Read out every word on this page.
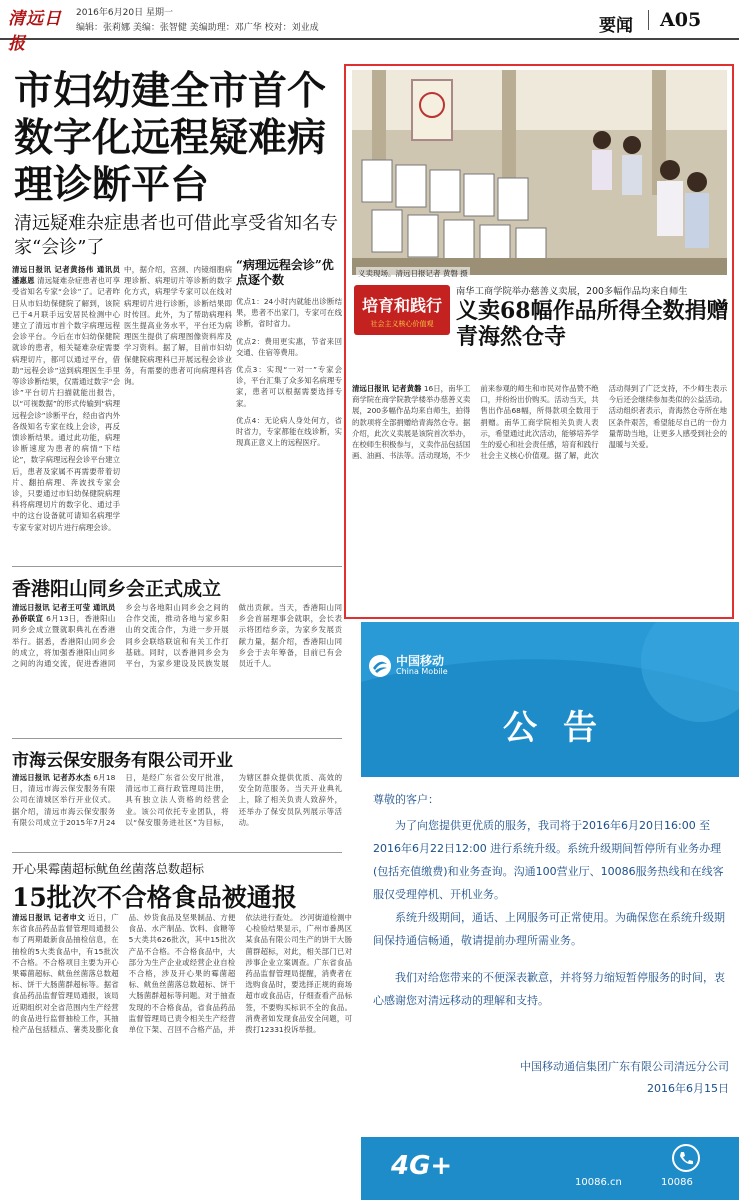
清远日报
2016年6月20日 星期一
编辑：张莉娜 美编：张智健 美编助理：邓广华 校对：刘业成	要闻 A05
市妇幼建全市首个数字化远程疑难病理诊断平台
清远疑难杂症患者也可借此享受省知名专家“会诊”了
清远日报讯 记者黄扬伟 通讯员潘惠恩 清远疑难杂症患者也可享受省知名专家“会诊”了。记者昨日从市妇幼保健院了解到，该院已于4月联手远安居民检测中心建立了清远市首个数字病理远程会诊平台。今后在市妇幼保健院就诊的患者，相关疑难杂症需要病理切片，都可以通过平台，借助“远程会诊”送到病理医生手里等诊诊断结果，仅需通过数字“会诊”平台切片扫描就能出报告，以“可视数据”的形式传输到“病理远程会诊”诊断平台，经由省内外各级知名专家在线上会诊，再反馈诊断结果。通过此功能，病理诊断速度为患者的病情“下结论”，数字病理远程会诊平台建立后，患者及家属不再需要带着切片、翻拍病理、奔波找专家会诊，只要通过市妇幼保健院病理科将病理切片的数字化、通过手中的这台设备就可请知名病理学专家专家对切片进行病理会诊。
中，据介绍，宫颈、内镜细胞病理诊断、病理切片等诊断的数字化方式，病理学专家可以在线对病理切片进行诊断，诊断结果即时传回。此外，为了帮助病理科医生提高业务水平，平台还为病理医生提供了病理图像资料库及学习资料。据了解，目前市妇幼保健院病理科已开展远程会诊业务，有需要的患者可向病理科咨询。
“病理远程会诊”优点逐个数
优点1：24小时内就能出诊断结果，患者不出家门，专家可在线诊断，省时省力。
优点2：费用更实惠，节省来回交通、住宿等费用。
优点3：实现“一对一”专家会诊，平台汇集了众多知名病理专家，患者可以根据需要选择专家。
优点4：无论病人身处何方，省时省力，专家都能在线诊断，实现真正意义上的远程医疗。
义卖现场。清远日报记者 黄磐 摄
培育和践行
社会主义核心价值观
南华工商学院举办慈善义卖展，200多幅作品均来自师生
义卖68幅作品所得全数捐赠青海然仓寺
清远日报讯 记者黄磐 16日，南华工商学院在商学院教学楼举办慈善义卖展，200多幅作品均来自师生，拍得的款项将全部捐赠给青海然仓寺。据介绍，此次义卖展是该院首次举办，在校师生积极参与，义卖作品包括国画、油画、书法等。活动现场，不少前来参观的师生和市民对作品赞不绝口，并纷纷出价购买。活动当天，共售出作品68幅，所得款项全数用于捐赠。南华工商学院相关负责人表示，希望通过此次活动，能够培养学生的爱心和社会责任感，培育和践行社会主义核心价值观。据了解，此次活动得到了广泛支持，不少师生表示今后还会继续参加类似的公益活动。活动组织者表示，青海然仓寺所在地区条件艰苦，希望能尽自己的一份力量帮助当地，让更多人感受到社会的温暖与关爱。
香港阳山同乡会正式成立
清远日报讯 记者王可莹 通讯员孙侨联宣 6月13日，香港阳山同乡会成立暨就职典礼在香港举行。据悉，香港阳山同乡会的成立，将加强香港阳山同乡之间的沟通交流，促进香港同乡会与各地阳山同乡会之间的合作交流，推动各地与家乡阳山的交流合作，为进一步开展同乡会联络联谊和有关工作打基础。同时，以香港同乡会为平台，为家乡建设及民族发展做出贡献。当天，香港阳山同乡会首届理事会就职，会长表示将团结乡亲，为家乡发展贡献力量，据介绍，香港阳山同乡会于去年筹备，目前已有会员近千人。
市海云保安服务有限公司开业
清远日报讯 记者苏水杰 6月18日，清远市海云保安服务有限公司在清城区举行开业仪式。据介绍，清远市海云保安服务有限公司成立于2015年7月24日，是经广东省公安厅批准，清远市工商行政管理局注册，具有独立法人资格的经营企业。该公司依托专业团队，将以“保安服务进社区”为目标，为辖区群众提供优质、高效的安全防范服务。当天开业典礼上，除了相关负责人致辞外，还举办了保安员队列展示等活动。
开心果霉菌超标鱿鱼丝菌落总数超标
15批次不合格食品被通报
清远日报讯 记者申文 近日，广东省食品药品监督管理局通报公布了两期最新食品抽检信息，在抽检的5大类食品中，有15批次不合格。不合格项目主要为开心果霉菌超标、鱿鱼丝菌落总数超标、饼干大肠菌群超标等。据省食品药品监督管理局通报，该局近期组织对全省范围内生产经营的食品进行监督抽检工作，其抽检产品包括糕点、薯类及膨化食品、炒货食品及坚果制品、方便食品、水产制品、饮料、食糖等5大类共626批次，其中15批次产品不合格。不合格食品中，大部分为生产企业或经营企业自检不合格，涉及开心果的霉菌超标、鱿鱼丝菌落总数超标、饼干大肠菌群超标等问题。对于抽查发现的不合格食品，省食品药品监督管理局已责令相关生产经营单位下架、召回不合格产品，并依法进行查处。 沙河街道检测中心检验结果显示，广州市番禺区某食品有限公司生产的饼干大肠菌群超标，对此，相关部门已对涉事企业立案调查。广东省食品药品监督管理局提醒，消费者在选购食品时，要选择正规的商场超市或食品店，仔细查看产品标签，不要购买标识不全的食品。消费者如发现食品安全问题，可拨打12331投诉举报。
中国移动
China Mobile
公告
尊敬的客户：
为了向您提供更优质的服务，我司将于2016年6月20日16:00 至2016年6月22日12:00 进行系统升级。系统升级期间暂停所有业务办理(包括充值缴费)和业务查询。沟通100营业厅、10086服务热线和在线客服仅受理停机、开机业务。
系统升级期间，通话、上网服务可正常使用。为确保您在系统升级期间保持通信畅通，敬请提前办理所需业务。
我们对给您带来的不便深表歉意，并将努力缩短暂停服务的时间，衷心感谢您对清远移动的理解和支持。
中国移动通信集团广东有限公司清远分公司
2016年6月15日
4G+
10086.cn	10086
